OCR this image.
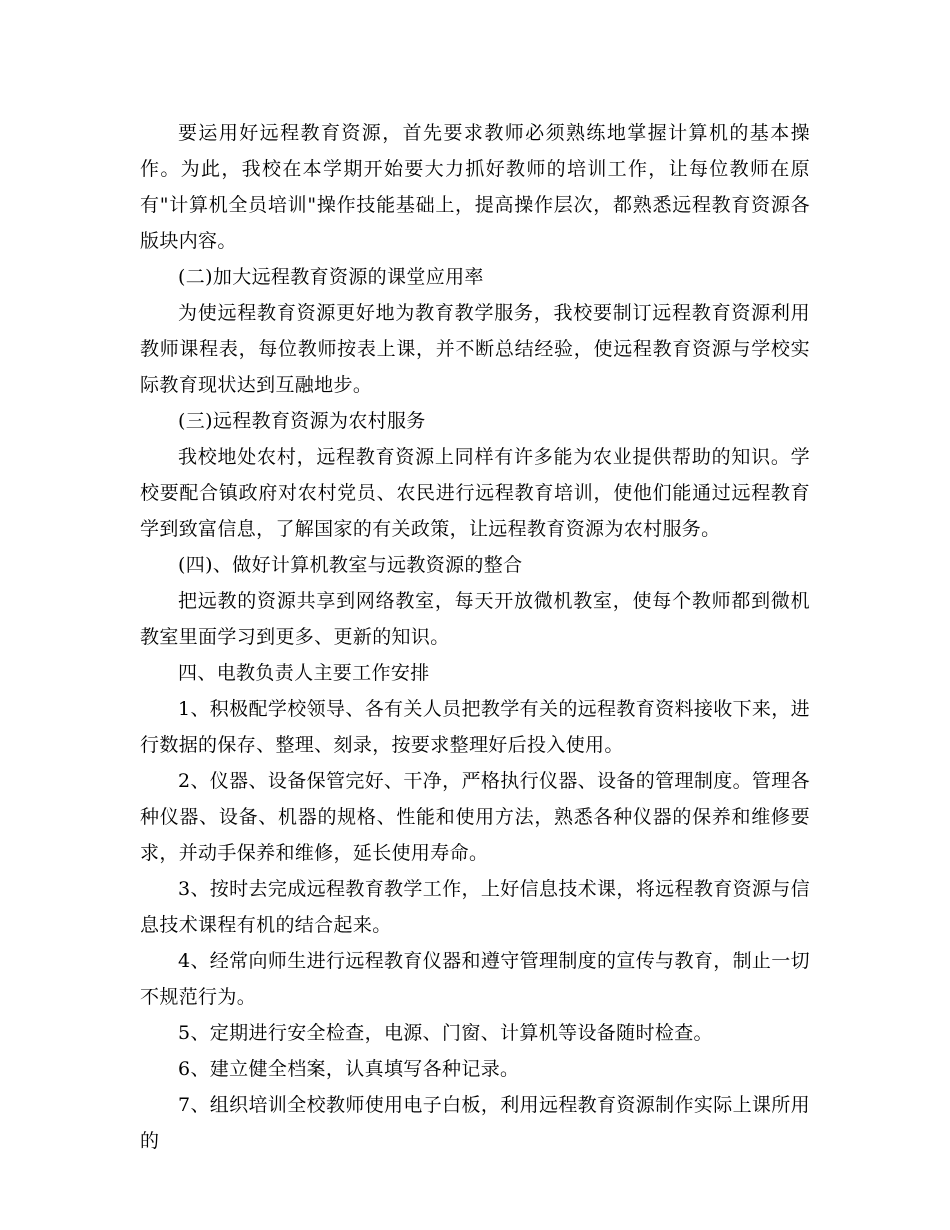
要运用好远程教育资源，首先要求教师必须熟练地掌握计算机的基本操作。为此，我校在本学期开始要大力抓好教师的培训工作，让每位教师在原有"计算机全员培训"操作技能基础上，提高操作层次，都熟悉远程教育资源各版块内容。

(二)加大远程教育资源的课堂应用率

为使远程教育资源更好地为教育教学服务，我校要制订远程教育资源利用教师课程表，每位教师按表上课，并不断总结经验，使远程教育资源与学校实际教育现状达到互融地步。

(三)远程教育资源为农村服务

我校地处农村，远程教育资源上同样有许多能为农业提供帮助的知识。学校要配合镇政府对农村党员、农民进行远程教育培训，使他们能通过远程教育学到致富信息，了解国家的有关政策，让远程教育资源为农村服务。

(四)、做好计算机教室与远教资源的整合

把远教的资源共享到网络教室，每天开放微机教室，使每个教师都到微机教室里面学习到更多、更新的知识。

四、电教负责人主要工作安排

1、积极配学校领导、各有关人员把教学有关的远程教育资料接收下来，进行数据的保存、整理、刻录，按要求整理好后投入使用。

2、仪器、设备保管完好、干净，严格执行仪器、设备的管理制度。管理各种仪器、设备、机器的规格、性能和使用方法，熟悉各种仪器的保养和维修要求，并动手保养和维修，延长使用寿命。

3、按时去完成远程教育教学工作，上好信息技术课，将远程教育资源与信息技术课程有机的结合起来。

4、经常向师生进行远程教育仪器和遵守管理制度的宣传与教育，制止一切不规范行为。

5、定期进行安全检查，电源、门窗、计算机等设备随时检查。

6、建立健全档案，认真填写各种记录。

7、组织培训全校教师使用电子白板，利用远程教育资源制作实际上课所用的
